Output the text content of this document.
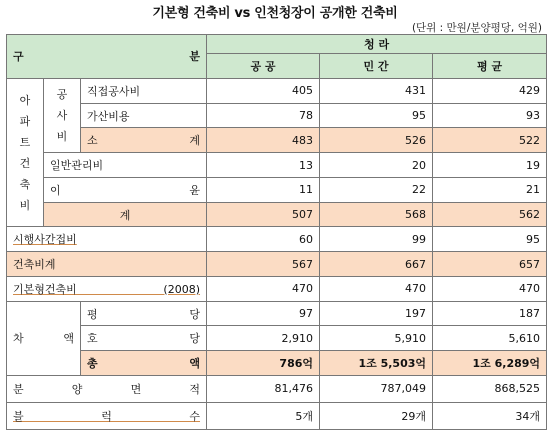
기본형 건축비 vs 인천청장이 공개한 건축비
(단위 : 만원/분양평당, 억원)
구 분			청 라		
			공 공	민 간	평 균
아 파 트 건 축 비	공 사 비	직접공사비	405	431	429
		가산비용	78	95	93
		소 계	483	526	522
	일반관리비		13	20	19
	이 윤		11	22	21
	계		507	568	562
시행사간접비			60	99	95
건축비계			567	667	657
기본형건축비 (2008)			470	470	470
차 액		평 당	97	197	187
		호 당	2,910	5,910	5,610
		총 액	786억	1조 5,503억	1조 6,289억
분 양 면 적			81,476	787,049	868,525
블 럭 수			5개	29개	34개
